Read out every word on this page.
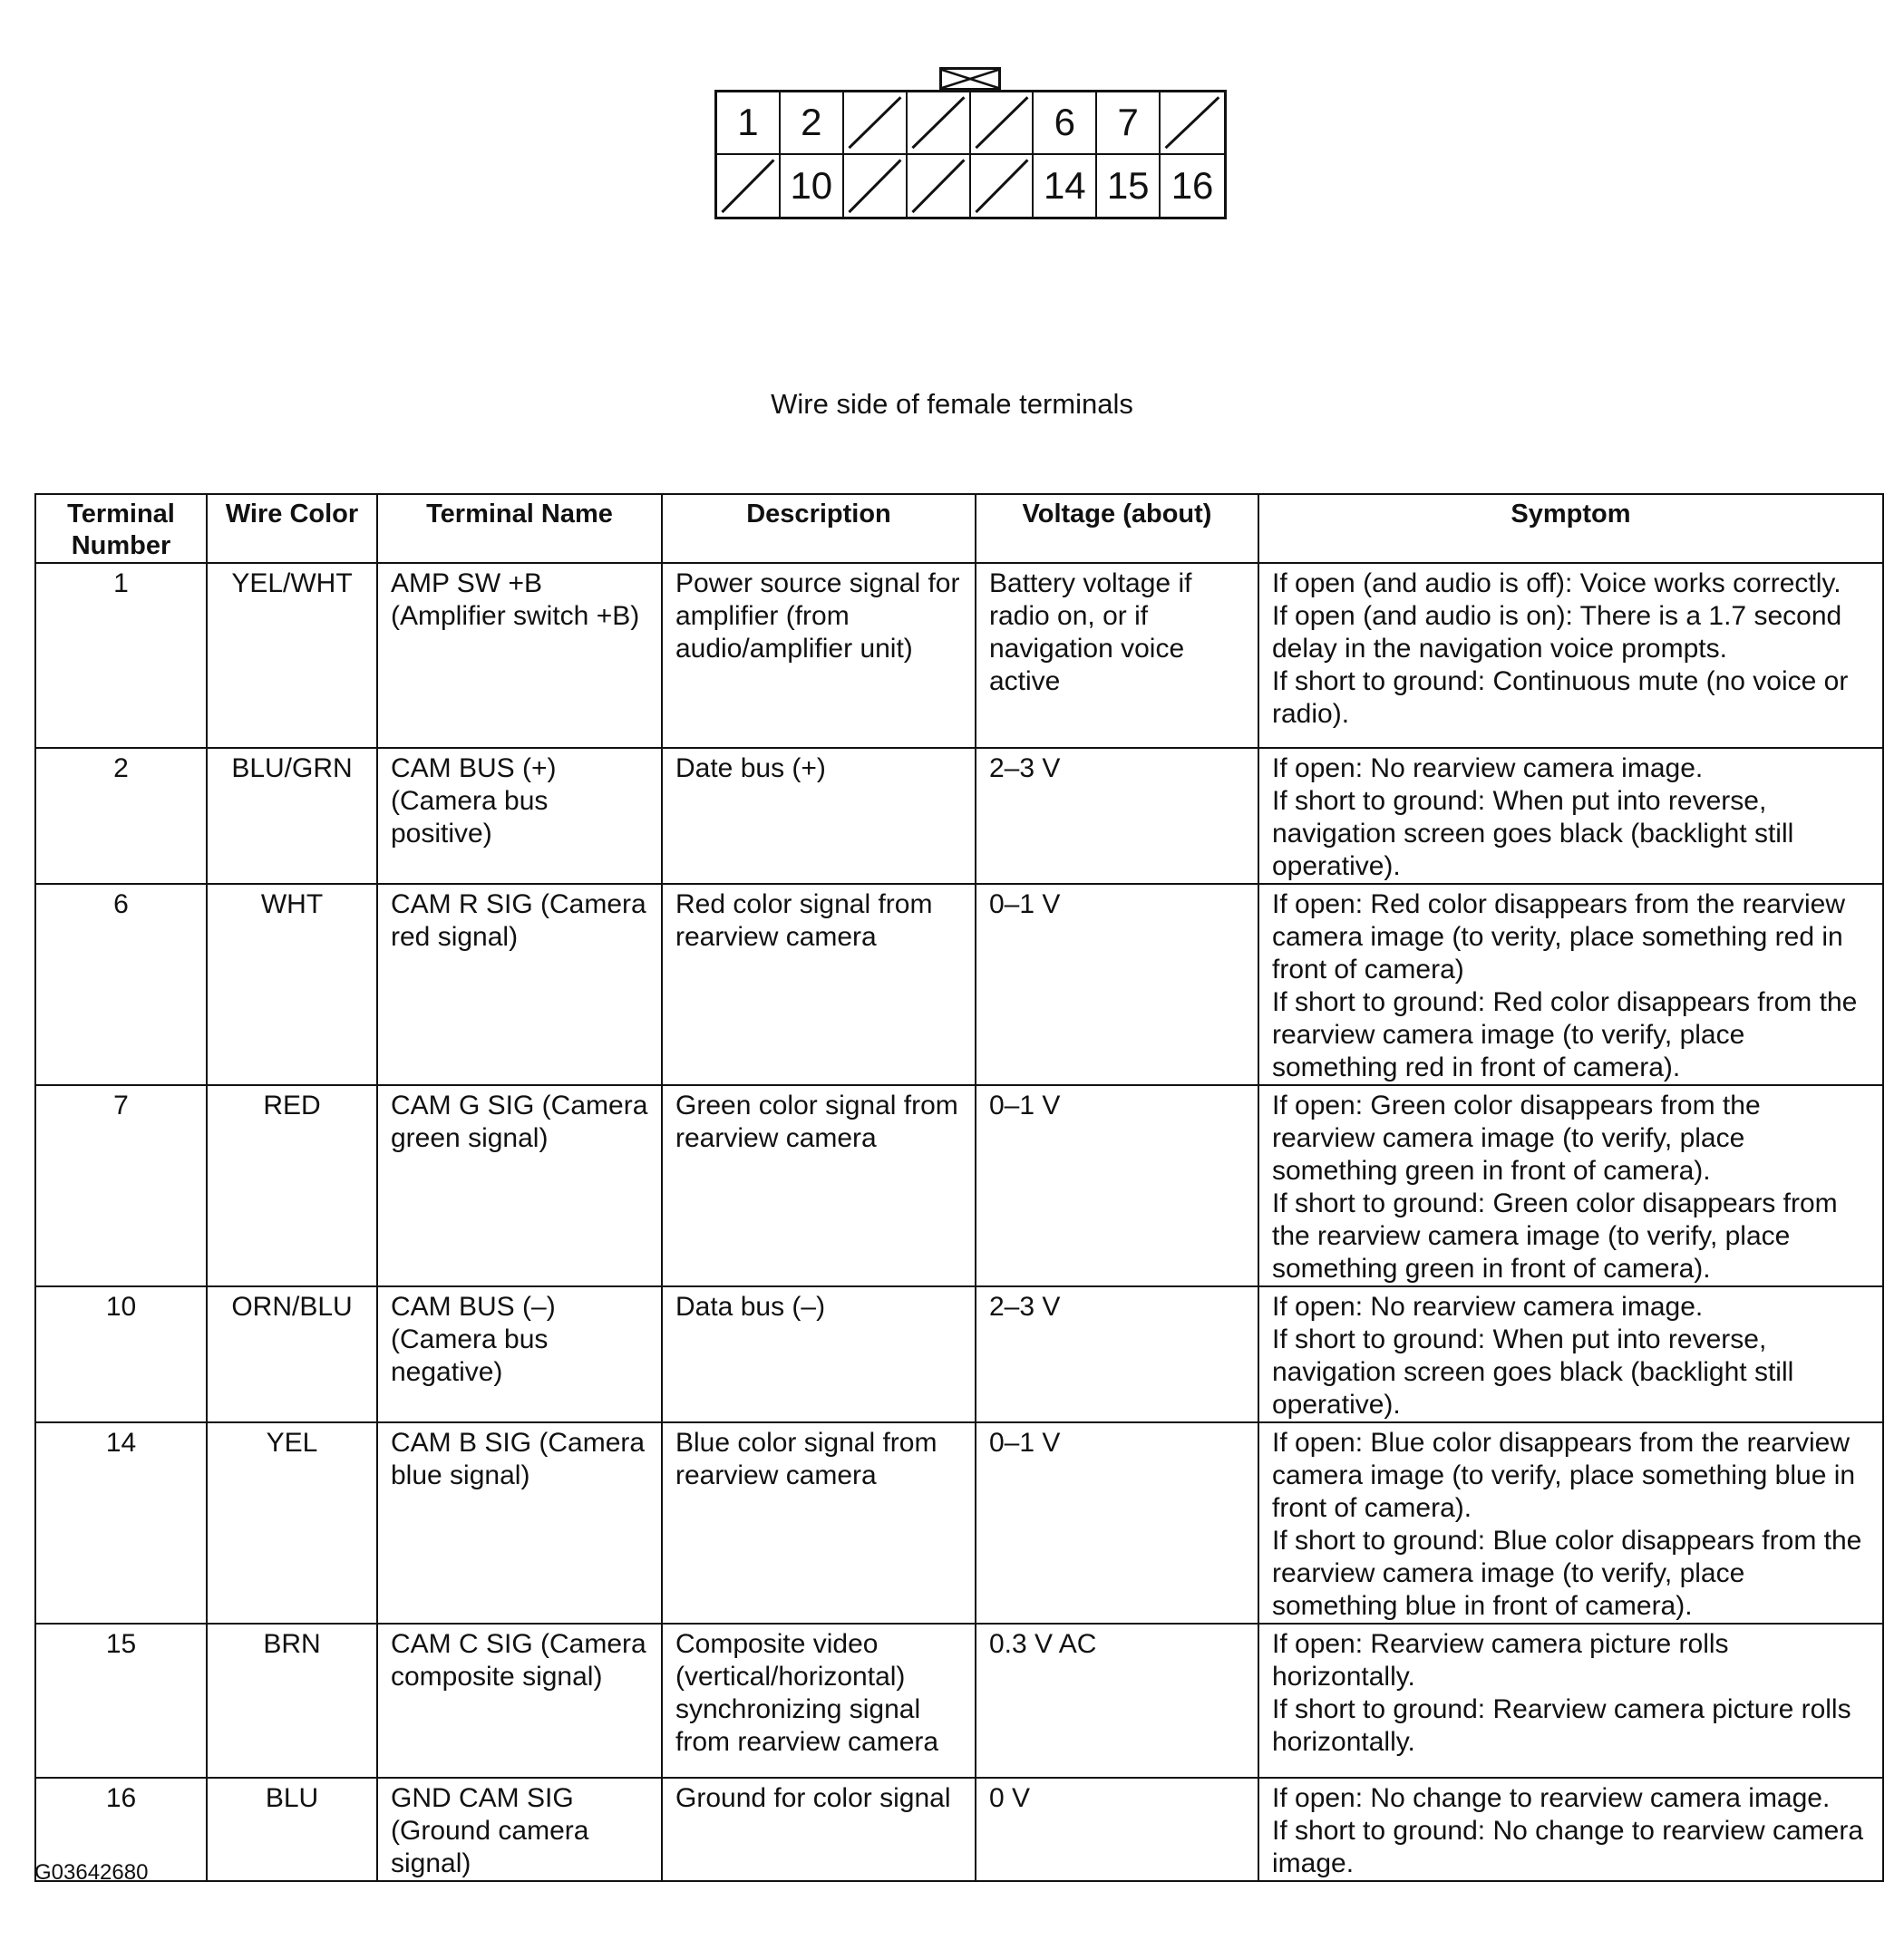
1	2	6	7
10	14 15 16
Wire side of female terminals
Terminal Number	Wire Color	Terminal Name	Description	Voltage (about)	Symptom
1	YEL/WHT	AMP SW +B (Amplifier switch +B)	Power source signal for amplifier (from audio/amplifier unit)	Battery voltage if radio on, or if navigation voice active	If open (and audio is off): Voice works correctly.
If open (and audio is on): There is a 1.7 second delay in the navigation voice prompts.
If short to ground: Continuous mute (no voice or radio).

2	BLU/GRN	CAM BUS (+) (Camera bus positive)	Date bus (+)	2–3 V	If open: No rearview camera image.
If short to ground: When put into reverse, navigation screen goes black (backlight still operative).

6	WHT	CAM R SIG (Camera red signal)	Red color signal from rearview camera	0–1 V	If open: Red color disappears from the rearview camera image (to verity, place something red in front of camera)
If short to ground: Red color disappears from the rearview camera image (to verify, place something red in front of camera).

7	RED	CAM G SIG (Camera green signal)	Green color signal from rearview camera	0–1 V	If open: Green color disappears from the rearview camera image (to verify, place something green in front of camera).
If short to ground: Green color disappears from the rearview camera image (to verify, place something green in front of camera).

10	ORN/BLU	CAM BUS (–) (Camera bus negative)	Data bus (–)	2–3 V	If open: No rearview camera image.
If short to ground: When put into reverse, navigation screen goes black (backlight still operative).

14	YEL	CAM B SIG (Camera blue signal)	Blue color signal from rearview camera	0–1 V	If open: Blue color disappears from the rearview camera image (to verify, place something blue in front of camera).
If short to ground: Blue color disappears from the rearview camera image (to verify, place something blue in front of camera).

15	BRN	CAM C SIG (Camera composite signal)	Composite video (vertical/horizontal) synchronizing signal from rearview camera	0.3 V AC	If open: Rearview camera picture rolls horizontally.
If short to ground: Rearview camera picture rolls horizontally.

16	BLU	GND CAM SIG (Ground camera signal)	Ground for color signal	0 V	If open: No change to rearview camera image.
If short to ground: No change to rearview camera image.
G03642680
